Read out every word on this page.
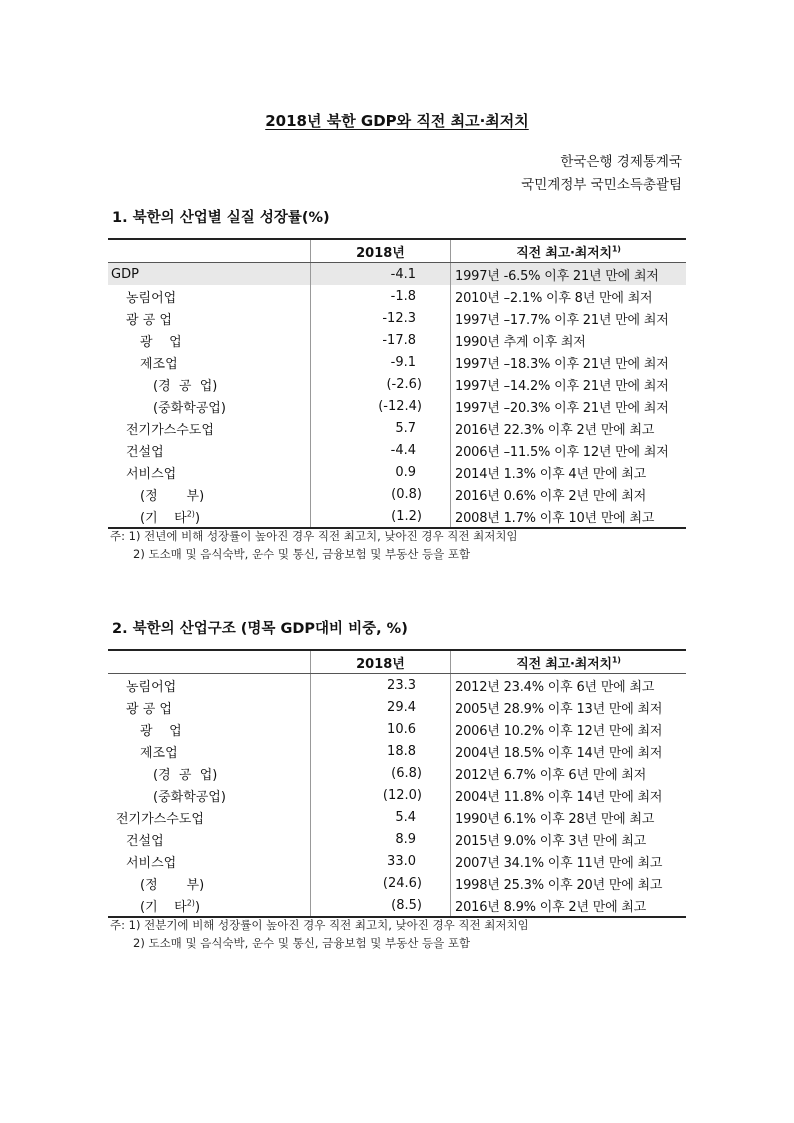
2018년 북한 GDP와 직전 최고·최저치
한국은행 경제통계국
국민계정부 국민소득총괄팀
1. 북한의 산업별 실질 성장률(%)
	2018년	직전 최고·최저치$^{1)}$
GDP	-4.1	1997년 -6.5% 이후 21년 만에 최저
농림어업	-1.8	2010년 –2.1% 이후 8년 만에 최저
광 공 업	-12.3	1997년 –17.7% 이후 21년 만에 최저
광    업	-17.8	1990년 추계 이후 최저
제조업	-9.1	1997년 –18.3% 이후 21년 만에 최저
(경  공  업)	(-2.6)	1997년 –14.2% 이후 21년 만에 최저
(중화학공업)	(-12.4)	1997년 –20.3% 이후 21년 만에 최저
전기가스수도업	5.7	2016년 22.3% 이후 2년 만에 최고
건설업	-4.4	2006년 –11.5% 이후 12년 만에 최저
서비스업	0.9	2014년 1.3% 이후 4년 만에 최고
(정       부)	(0.8)	2016년 0.6% 이후 2년 만에 최저
(기    타$^{2)}$)	(1.2)	2008년 1.7% 이후 10년 만에 최고
주: 1) 전년에 비해 성장률이 높아진 경우 직전 최고치, 낮아진 경우 직전 최저치임
2) 도소매 및 음식숙박, 운수 및 통신, 금융보험 및 부동산 등을 포함
2. 북한의 산업구조 (명목 GDP대비 비중, %)
	2018년	직전 최고·최저치$^{1)}$
농림어업	23.3	2012년 23.4% 이후 6년 만에 최고
광 공 업	29.4	2005년 28.9% 이후 13년 만에 최저
광    업	10.6	2006년 10.2% 이후 12년 만에 최저
제조업	18.8	2004년 18.5% 이후 14년 만에 최저
(경  공  업)	(6.8)	2012년 6.7% 이후 6년 만에 최저
(중화학공업)	(12.0)	2004년 11.8% 이후 14년 만에 최저
전기가스수도업	5.4	1990년 6.1% 이후 28년 만에 최고
건설업	8.9	2015년 9.0% 이후 3년 만에 최고
서비스업	33.0	2007년 34.1% 이후 11년 만에 최고
(정       부)	(24.6)	1998년 25.3% 이후 20년 만에 최고
(기    타$^{2)}$)	(8.5)	2016년 8.9% 이후 2년 만에 최고
주: 1) 전분기에 비해 성장률이 높아진 경우 직전 최고치, 낮아진 경우 직전 최저치임
2) 도소매 및 음식숙박, 운수 및 통신, 금융보험 및 부동산 등을 포함
